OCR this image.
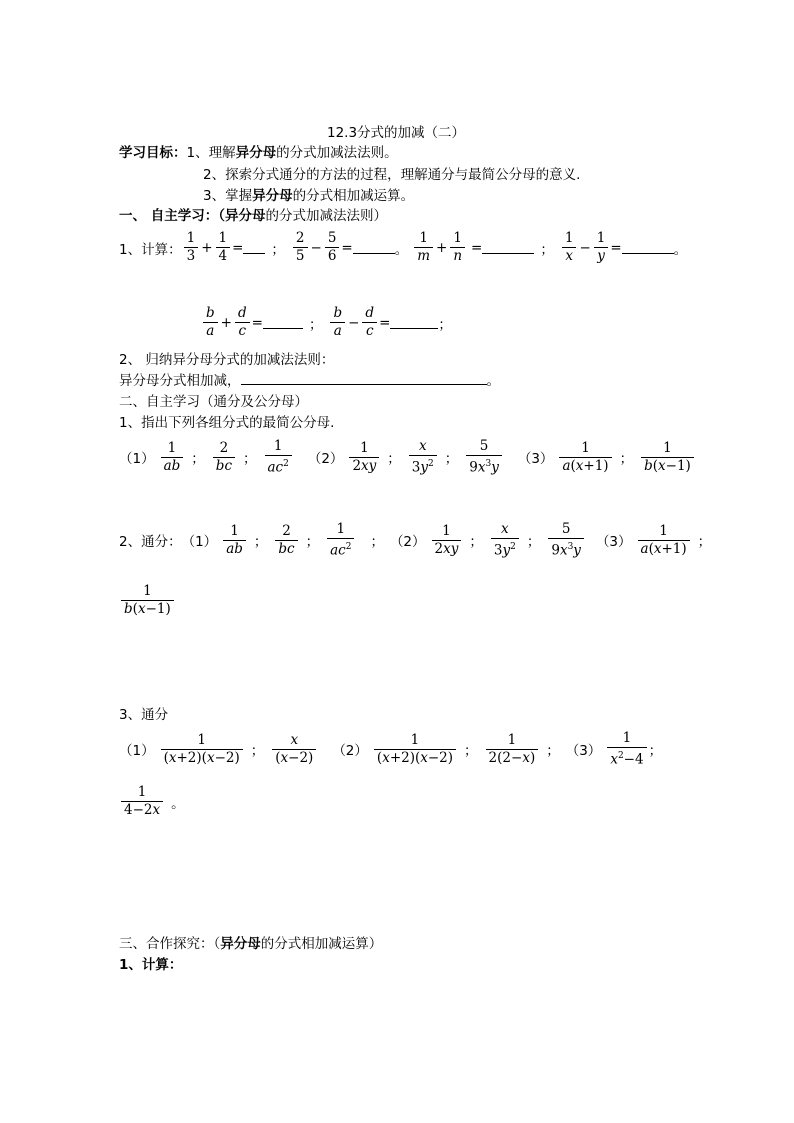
12.3分式的加减（二）
学习目标：1、理解异分母的分式加减法法则。
2、探索分式通分的方法的过程，理解通分与最简公分母的意义.
3、掌握异分母的分式相加减运算。
一、 自主学习：（异分母的分式加减法法则）
1、计算： $\frac{1}{3} + \frac{1}{4}$ = ； $\frac{2}{5} - \frac{5}{6}$ =	。 $\frac{1}{m} + \frac{1}{n}$ =	； $\frac{1}{x} - \frac{1}{y}$ =	。
$\frac{b}{a} + \frac{d}{c}$ =	； $\frac{b}{a} - \frac{d}{c}$ =	；
2、 归纳异分母分式的加减法法则：
异分母分式相加减，	。
二、自主学习（通分及公分母）
1、指出下列各组分式的最简公分母.
$(1) \frac{1}{ab}$ ； $\frac{2}{bc}$ ； $\frac{1}{ac^2} (2) \frac{1}{2xy}$ ； $\frac{x}{3y^2}$ ； $\frac{5}{9x^3y} (3) \frac{1}{a(x+1)}$ ； $\frac{1}{b(x-1)}$
2、通分： $(1) \frac{1}{ab}$ ； $\frac{2}{bc}$ ； $\frac{1}{ac^2}$ ； $(2) \frac{1}{2xy}$ ； $\frac{x}{3y^2}$ ； $\frac{5}{9x^3y} (3) \frac{1}{a(x+1)}$ ；
$\frac{1}{b(x-1)}$
3、通分
$(1) \frac{1}{(x+2)(x-2)}$ ； $\frac{x}{(x-2)} (2) \frac{1}{(x+2)(x-2)}$ ； $\frac{1}{2(2-x)}$ ； $(3) \frac{1}{x^2-4}$ ；
$\frac{1}{4-2x}$ 。
三、合作探究：（异分母的分式相加减运算）
1、计算：
